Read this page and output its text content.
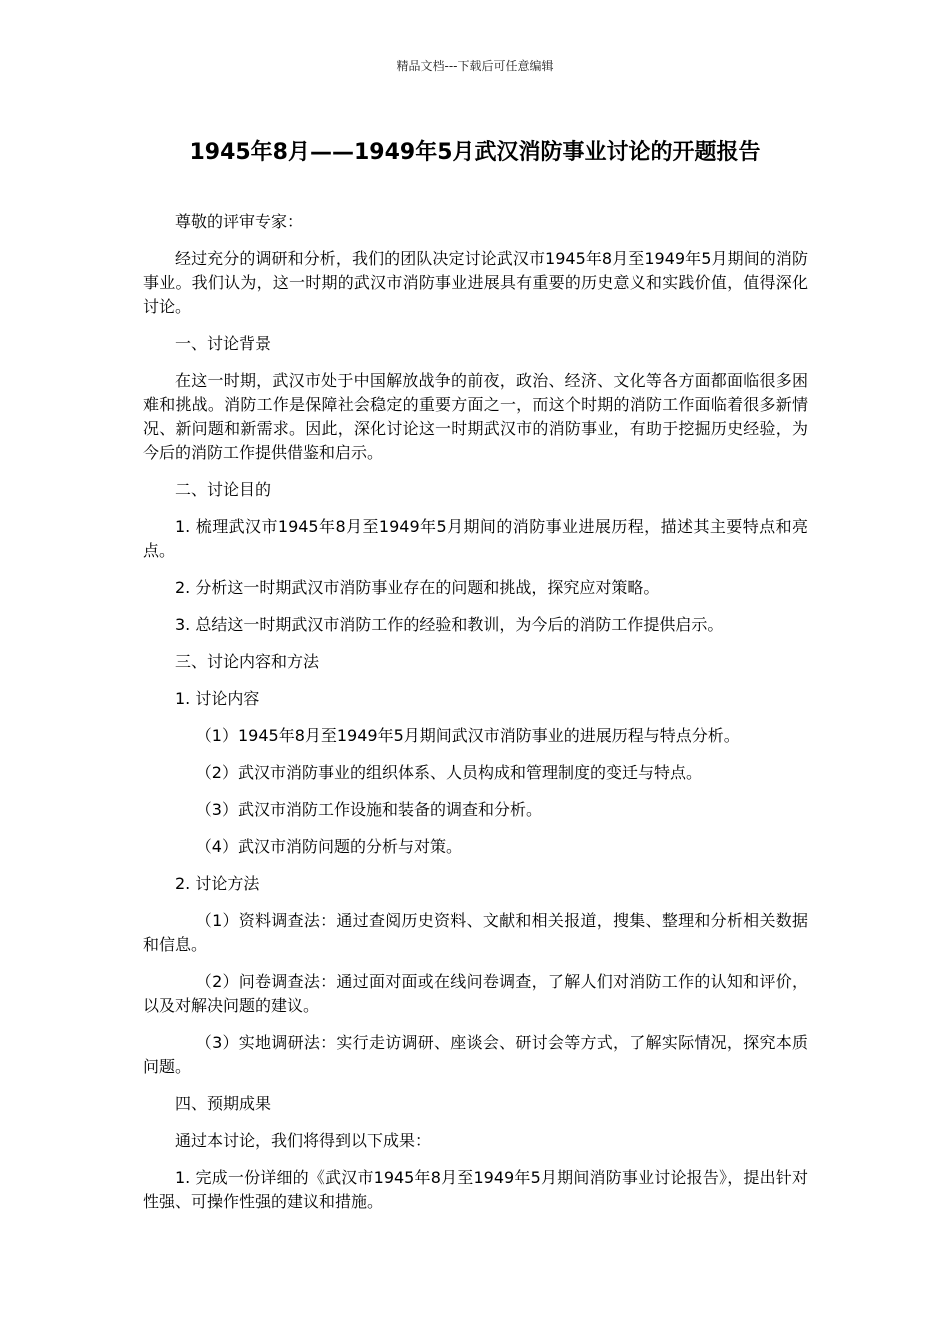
精品文档---下载后可任意编辑
1945年8月——1949年5月武汉消防事业讨论的开题报告

尊敬的评审专家：

经过充分的调研和分析，我们的团队决定讨论武汉市1945年8月至1949年5月期间的消防事业。我们认为，这一时期的武汉市消防事业进展具有重要的历史意义和实践价值，值得深化讨论。

一、讨论背景

在这一时期，武汉市处于中国解放战争的前夜，政治、经济、文化等各方面都面临很多困难和挑战。消防工作是保障社会稳定的重要方面之一，而这个时期的消防工作面临着很多新情况、新问题和新需求。因此，深化讨论这一时期武汉市的消防事业，有助于挖掘历史经验，为今后的消防工作提供借鉴和启示。

二、讨论目的

1. 梳理武汉市1945年8月至1949年5月期间的消防事业进展历程，描述其主要特点和亮点。

2. 分析这一时期武汉市消防事业存在的问题和挑战，探究应对策略。

3. 总结这一时期武汉市消防工作的经验和教训，为今后的消防工作提供启示。

三、讨论内容和方法

1. 讨论内容

（1）1945年8月至1949年5月期间武汉市消防事业的进展历程与特点分析。

（2）武汉市消防事业的组织体系、人员构成和管理制度的变迁与特点。

（3）武汉市消防工作设施和装备的调查和分析。

（4）武汉市消防问题的分析与对策。

2. 讨论方法

（1）资料调查法：通过查阅历史资料、文献和相关报道，搜集、整理和分析相关数据和信息。

（2）问卷调查法：通过面对面或在线问卷调查，了解人们对消防工作的认知和评价，以及对解决问题的建议。

（3）实地调研法：实行走访调研、座谈会、研讨会等方式，了解实际情况，探究本质问题。

四、预期成果

通过本讨论，我们将得到以下成果：

1. 完成一份详细的《武汉市1945年8月至1949年5月期间消防事业讨论报告》，提出针对性强、可操作性强的建议和措施。
